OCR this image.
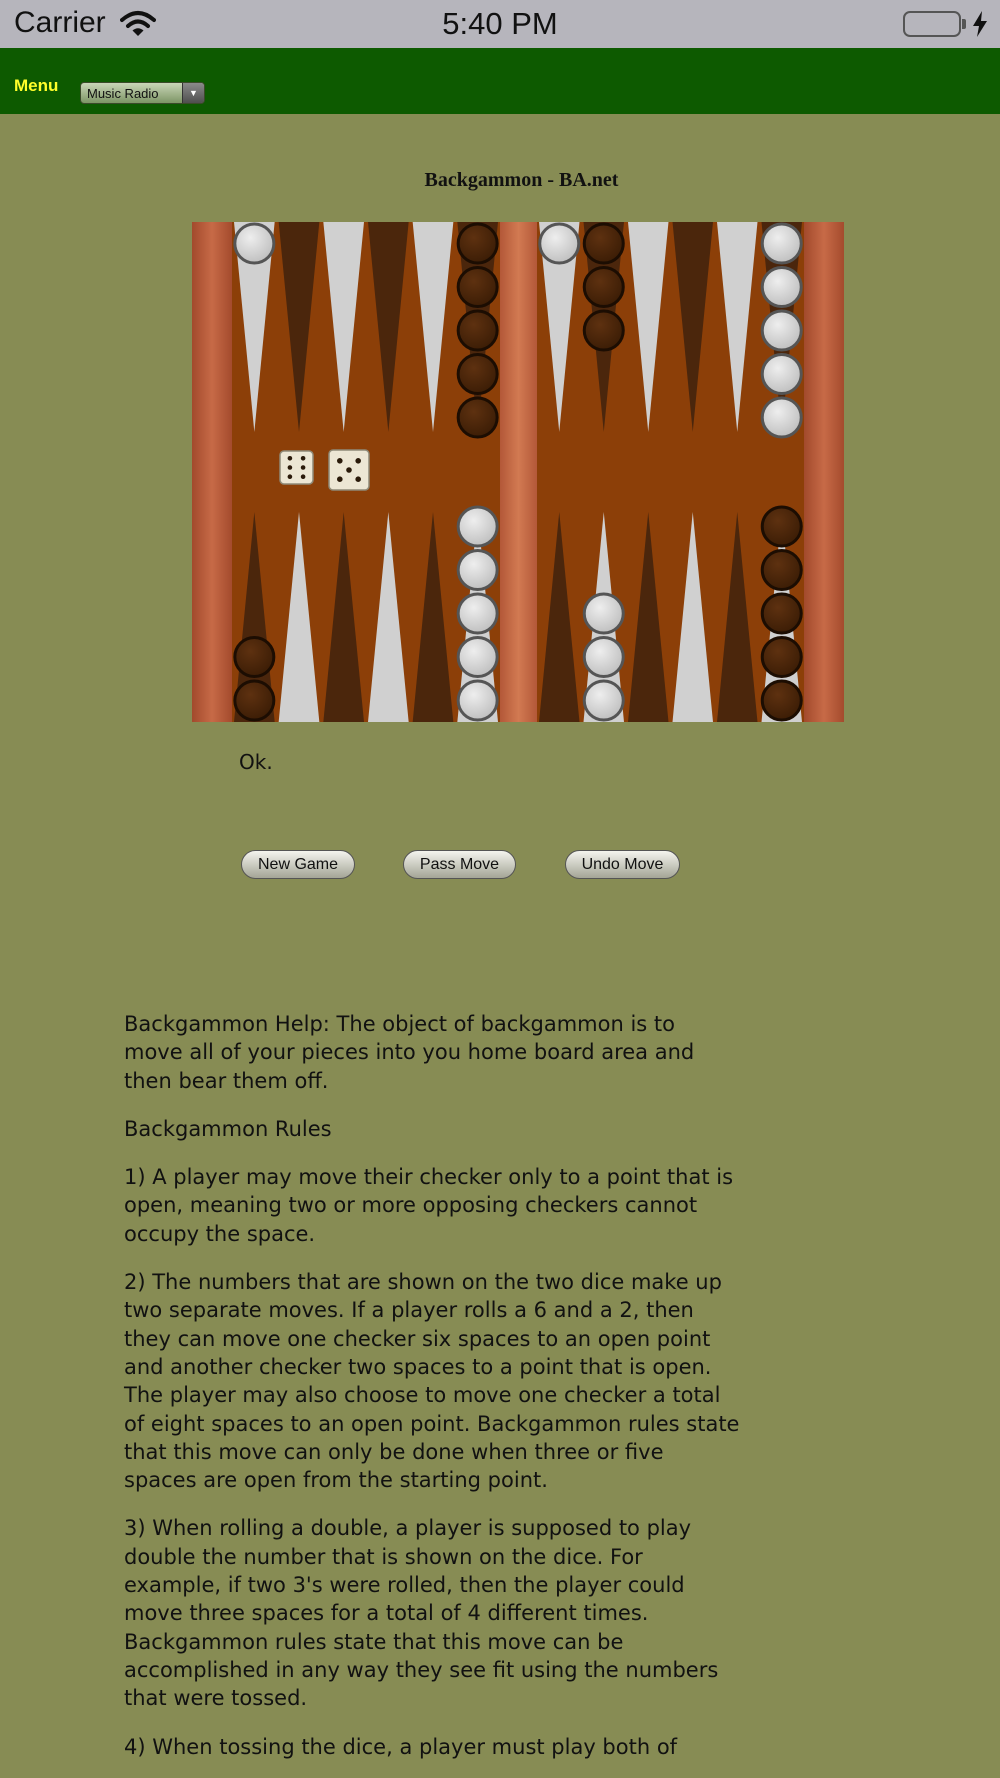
Carrier	5:40 PM
Menu	Music Radio	▼
Backgammon - BA.net
Ok.
New Game	Pass Move	Undo Move

Backgammon Help: The object of backgammon is to move all of your pieces into you home board area and then bear them off.

Backgammon Rules

1) A player may move their checker only to a point that is open, meaning two or more opposing checkers cannot occupy the space.

2) The numbers that are shown on the two dice make up two separate moves. If a player rolls a 6 and a 2, then they can move one checker six spaces to an open point and another checker two spaces to a point that is open. The player may also choose to move one checker a total of eight spaces to an open point. Backgammon rules state that this move can only be done when three or five spaces are open from the starting point.

3) When rolling a double, a player is supposed to play double the number that is shown on the dice. For example, if two 3's were rolled, then the player could move three spaces for a total of 4 different times. Backgammon rules state that this move can be accomplished in any way they see fit using the numbers that were tossed.

4) When tossing the dice, a player must play both of
